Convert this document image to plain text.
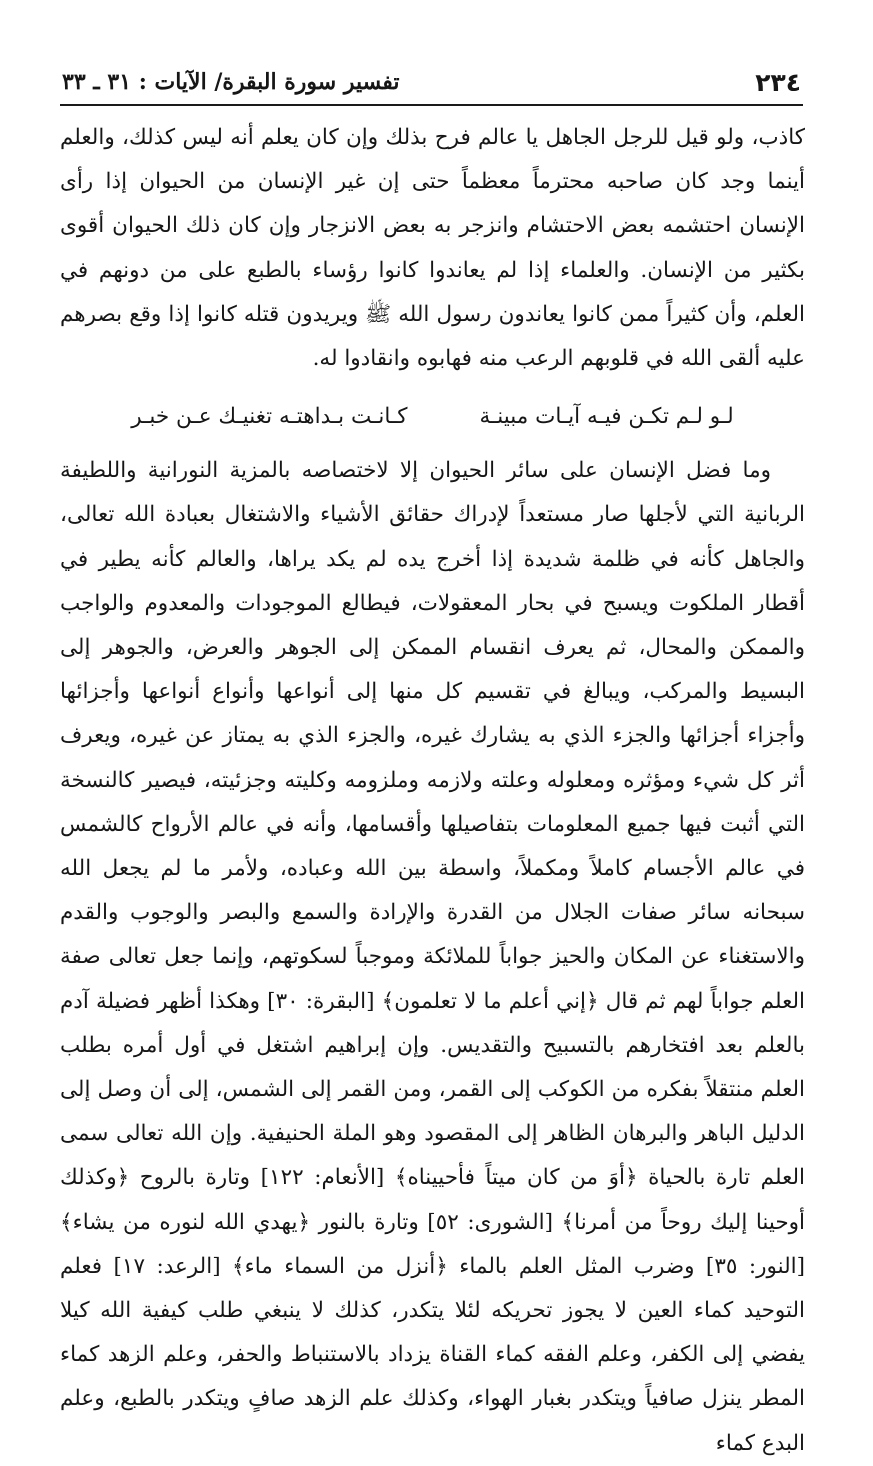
٢٣٤
تفسير سورة البقرة/ الآيات : ٣١ ـ ٣٣

كاذب، ولو قيل للرجل الجاهل يا عالم فرح بذلك وإن كان يعلم أنه ليس كذلك، والعلم أينما وجد كان صاحبه محترماً معظماً حتى إن غير الإنسان من الحيوان إذا رأى الإنسان احتشمه بعض الاحتشام وانزجر به بعض الانزجار وإن كان ذلك الحيوان أقوى بكثير من الإنسان. والعلماء إذا لم يعاندوا كانوا رؤساء بالطبع على من دونهم في العلم، وأن كثيراً ممن كانوا يعاندون رسول الله ﷺ ويريدون قتله كانوا إذا وقع بصرهم عليه ألقى الله في قلوبهم الرعب منه فهابوه وانقادوا له.

لـو لـم تكـن فيـه آيـات مبينـة
كـانـت بـداهتـه تغنيـك عـن خبـر

وما فضل الإنسان على سائر الحيوان إلا لاختصاصه بالمزية النورانية واللطيفة الربانية التي لأجلها صار مستعداً لإدراك حقائق الأشياء والاشتغال بعبادة الله تعالى، والجاهل كأنه في ظلمة شديدة إذا أخرج يده لم يكد يراها، والعالم كأنه يطير في أقطار الملكوت ويسبح في بحار المعقولات، فيطالع الموجودات والمعدوم والواجب والممكن والمحال، ثم يعرف انقسام الممكن إلى الجوهر والعرض، والجوهر إلى البسيط والمركب، ويبالغ في تقسيم كل منها إلى أنواعها وأنواع أنواعها وأجزائها وأجزاء أجزائها والجزء الذي به يشارك غيره، والجزء الذي به يمتاز عن غيره، ويعرف أثر كل شيء ومؤثره ومعلوله وعلته ولازمه وملزومه وكليته وجزئيته، فيصير كالنسخة التي أثبت فيها جميع المعلومات بتفاصيلها وأقسامها، وأنه في عالم الأرواح كالشمس في عالم الأجسام كاملاً ومكملاً، واسطة بين الله وعباده، ولأمر ما لم يجعل الله سبحانه سائر صفات الجلال من القدرة والإرادة والسمع والبصر والوجوب والقدم والاستغناء عن المكان والحيز جواباً للملائكة وموجباً لسكوتهم، وإنما جعل تعالى صفة العلم جواباً لهم ثم قال ﴿إني أعلم ما لا تعلمون﴾ [البقرة: ٣٠] وهكذا أظهر فضيلة آدم بالعلم بعد افتخارهم بالتسبيح والتقديس. وإن إبراهيم اشتغل في أول أمره بطلب العلم منتقلاً بفكره من الكوكب إلى القمر، ومن القمر إلى الشمس، إلى أن وصل إلى الدليل الباهر والبرهان الظاهر إلى المقصود وهو الملة الحنيفية. وإن الله تعالى سمى العلم تارة بالحياة ﴿أوَ من كان ميتاً فأحييناه﴾ [الأنعام: ١٢٢] وتارة بالروح ﴿وكذلك أوحينا إليك روحاً من أمرنا﴾ [الشورى: ٥٢] وتارة بالنور ﴿يهدي الله لنوره من يشاء﴾ [النور: ٣٥] وضرب المثل العلم بالماء ﴿أنزل من السماء ماء﴾ [الرعد: ١٧] فعلم التوحيد كماء العين لا يجوز تحريكه لئلا يتكدر، كذلك لا ينبغي طلب كيفية الله كيلا يفضي إلى الكفر، وعلم الفقه كماء القناة يزداد بالاستنباط والحفر، وعلم الزهد كماء المطر ينزل صافياً ويتكدر بغبار الهواء، وكذلك علم الزهد صافٍ ويتكدر بالطبع، وعلم البدع كماء
